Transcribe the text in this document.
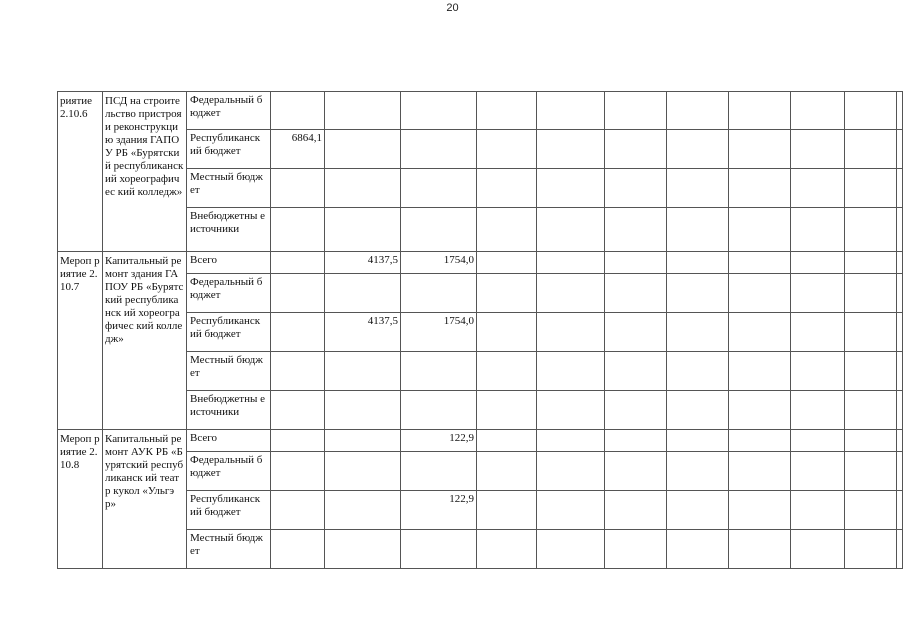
20
риятие 2.10.6	ПСД на строительство пристроя и реконструкци ю здания ГАПОУ РБ «Бурятский республиканск ий хореографичес кий колледж»	Федеральный бюджет											
		Республиканск ий бюджет	6864,1										
		Местный бюджет											
		Внебюджетны е источники											
Мероп риятие 2.10.7	Капитальный ремонт здания ГАПОУ РБ «Бурятский республиканск ий хореографичес кий колледж»	Всего		4137,5	1754,0								
		Федеральный бюджет											
		Республиканск ий бюджет		4137,5	1754,0								
		Местный бюджет											
		Внебюджетны е источники											
Мероп риятие 2.10.8	Капитальный ремонт АУК РБ «Бурятский республиканск ий театр кукол «Ульгэр»	Всего			122,9								
		Федеральный бюджет											
		Республиканск ий бюджет			122,9								
		Местный бюджет											
